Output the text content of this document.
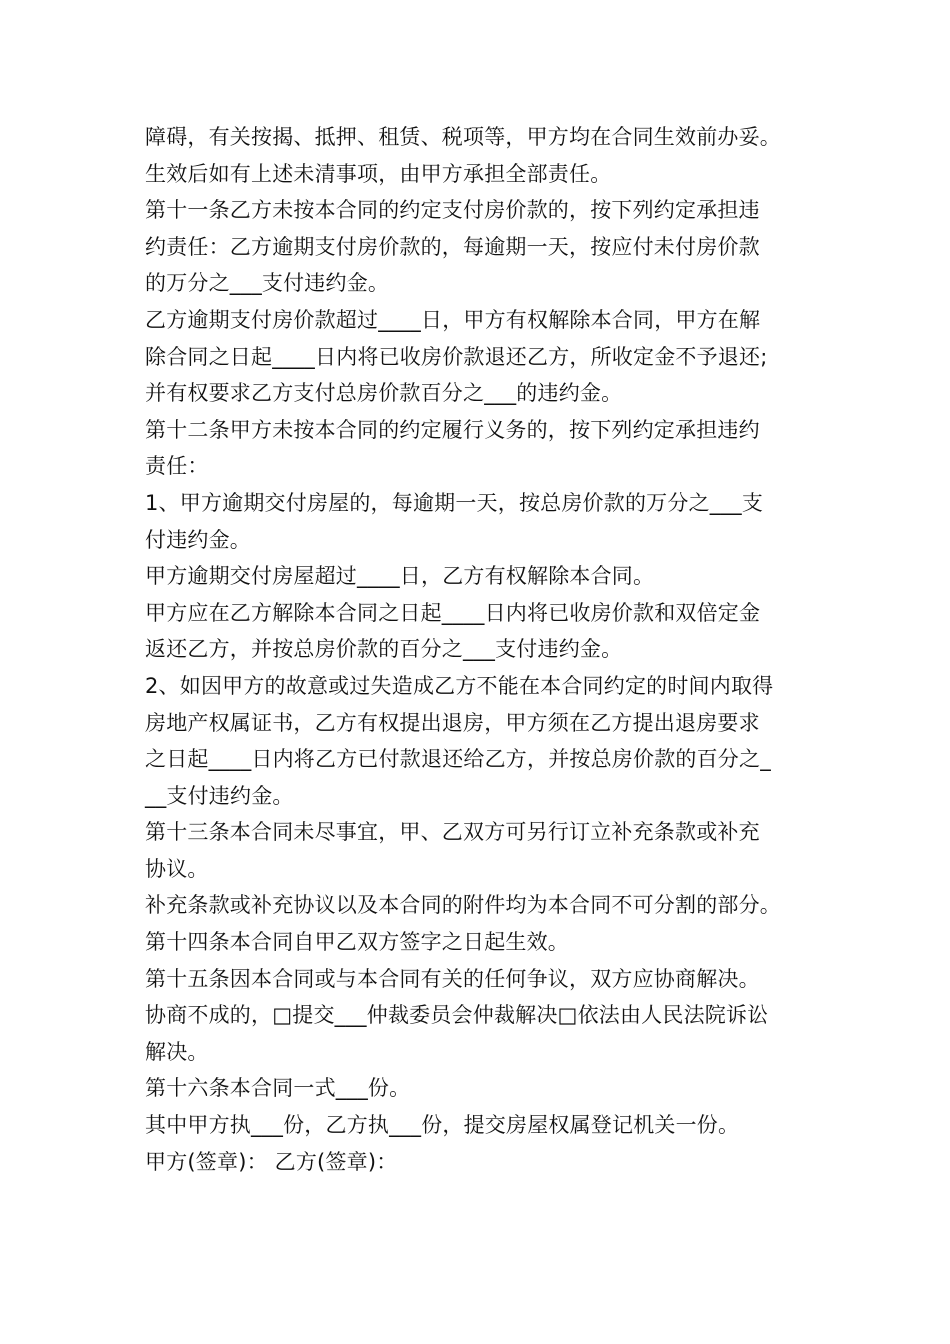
障碍，有关按揭、抵押、租赁、税项等，甲方均在合同生效前办妥。
生效后如有上述未清事项，由甲方承担全部责任。
第十一条乙方未按本合同的约定支付房价款的，按下列约定承担违
约责任：乙方逾期支付房价款的，每逾期一天，按应付未付房价款
的万分之___支付违约金。
乙方逾期支付房价款超过____日，甲方有权解除本合同，甲方在解
除合同之日起____日内将已收房价款退还乙方，所收定金不予退还;
并有权要求乙方支付总房价款百分之___的违约金。
第十二条甲方未按本合同的约定履行义务的，按下列约定承担违约
责任：
1、甲方逾期交付房屋的，每逾期一天，按总房价款的万分之___支
付违约金。
甲方逾期交付房屋超过____日，乙方有权解除本合同。
甲方应在乙方解除本合同之日起____日内将已收房价款和双倍定金
返还乙方，并按总房价款的百分之___支付违约金。
2、如因甲方的故意或过失造成乙方不能在本合同约定的时间内取得
房地产权属证书，乙方有权提出退房，甲方须在乙方提出退房要求
之日起____日内将乙方已付款退还给乙方，并按总房价款的百分之_
__支付违约金。
第十三条本合同未尽事宜，甲、乙双方可另行订立补充条款或补充
协议。
补充条款或补充协议以及本合同的附件均为本合同不可分割的部分。
第十四条本合同自甲乙双方签字之日起生效。
第十五条因本合同或与本合同有关的任何争议，双方应协商解决。
协商不成的，□提交___仲裁委员会仲裁解决□依法由人民法院诉讼
解决。
第十六条本合同一式___份。
其中甲方执___份，乙方执___份，提交房屋权属登记机关一份。
甲方(签章)： 乙方(签章)：
